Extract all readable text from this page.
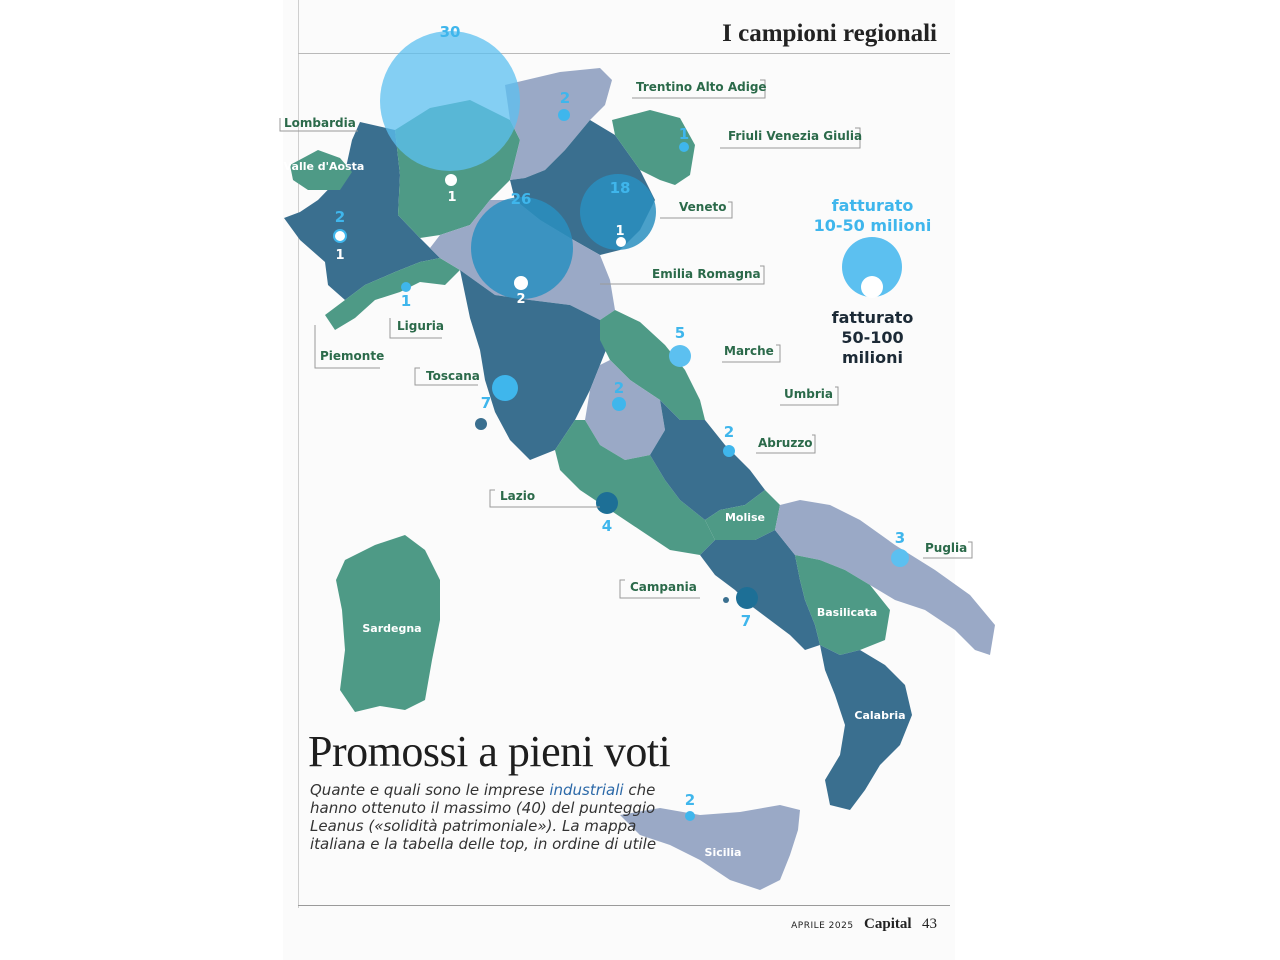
I campioni regionali
30
1
2
1
18
1
26
2
2
1
1
7
5
2
2
4
3
7
2
Lombardia
Trentino Alto Adige
Friuli Venezia Giulia
Veneto
Emilia Romagna
Piemonte
Liguria
Toscana
Marche
Umbria
Abruzzo
Lazio
Puglia
Campania
Molise
Basilicata
Sardegna
Calabria
Sicilia
Valle d'Aosta
fatturato
10-50 milioni
fatturato
50-100 milioni
Promossi a pieni voti
Quante e quali sono le imprese industriali che hanno ottenuto il massimo (40) del punteggio Leanus («solidità patrimoniale»). La mappa italiana e la tabella delle top, in ordine di utile
APRILE 2025 Capital 43
